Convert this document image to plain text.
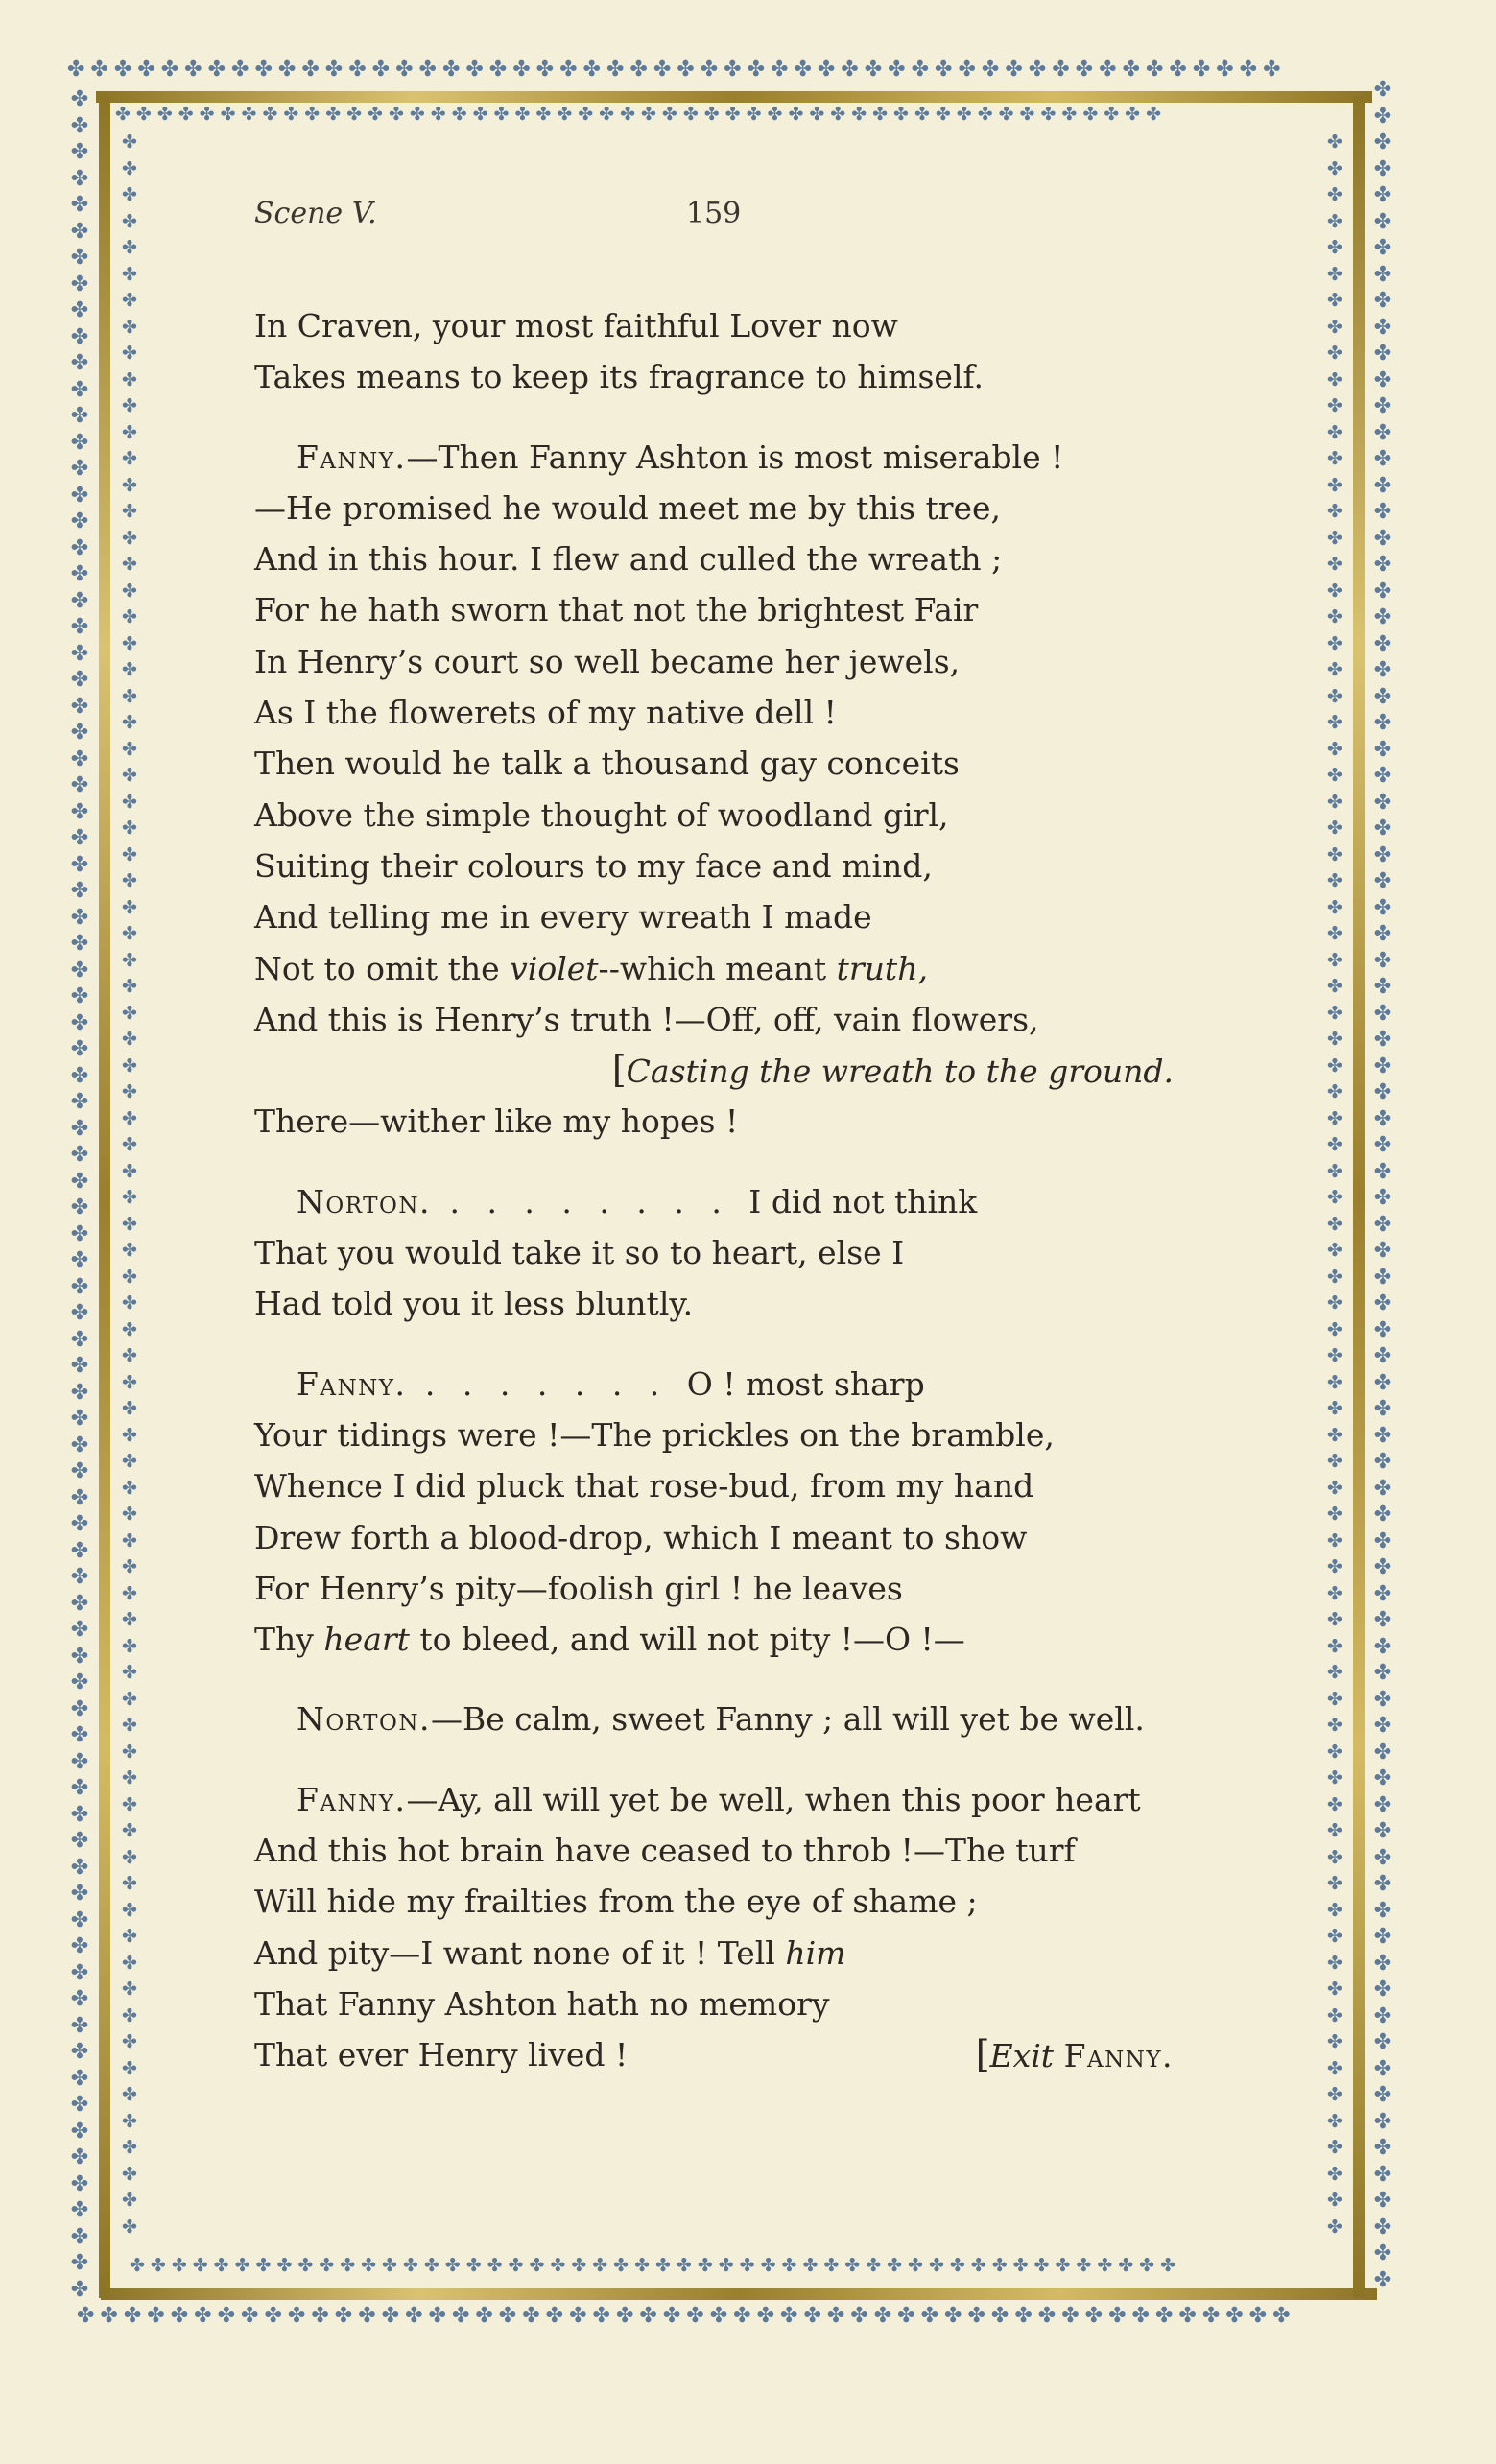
✤✤✤✤✤✤✤✤✤✤✤✤✤✤✤✤✤✤✤✤✤✤✤✤✤✤✤✤✤✤✤✤✤✤✤✤✤✤✤✤✤✤✤✤✤✤✤✤✤✤✤✤
✤✤✤✤✤✤✤✤✤✤✤✤✤✤✤✤✤✤✤✤✤✤✤✤✤✤✤✤✤✤✤✤✤✤✤✤✤✤✤✤✤✤✤✤✤✤✤✤✤✤
✤✤✤✤✤✤✤✤✤✤✤✤✤✤✤✤✤✤✤✤✤✤✤✤✤✤✤✤✤✤✤✤✤✤✤✤✤✤✤✤✤✤✤✤✤✤✤✤✤✤
✤✤✤✤✤✤✤✤✤✤✤✤✤✤✤✤✤✤✤✤✤✤✤✤✤✤✤✤✤✤✤✤✤✤✤✤✤✤✤✤✤✤✤✤✤✤✤✤✤✤✤✤
✤✤✤✤✤✤✤✤✤✤✤✤✤✤✤✤✤✤✤✤✤✤✤✤✤✤✤✤✤✤✤✤✤✤✤✤✤✤✤✤✤✤✤✤✤✤✤✤✤✤✤✤✤✤✤✤✤✤✤✤✤✤✤✤✤✤✤✤✤✤✤✤✤✤✤✤✤✤✤✤✤✤✤✤
✤✤✤✤✤✤✤✤✤✤✤✤✤✤✤✤✤✤✤✤✤✤✤✤✤✤✤✤✤✤✤✤✤✤✤✤✤✤✤✤✤✤✤✤✤✤✤✤✤✤✤✤✤✤✤✤✤✤✤✤✤✤✤✤✤✤✤✤✤✤✤✤✤✤✤✤✤✤✤✤
✤✤✤✤✤✤✤✤✤✤✤✤✤✤✤✤✤✤✤✤✤✤✤✤✤✤✤✤✤✤✤✤✤✤✤✤✤✤✤✤✤✤✤✤✤✤✤✤✤✤✤✤✤✤✤✤✤✤✤✤✤✤✤✤✤✤✤✤✤✤✤✤✤✤✤✤✤✤✤✤
✤✤✤✤✤✤✤✤✤✤✤✤✤✤✤✤✤✤✤✤✤✤✤✤✤✤✤✤✤✤✤✤✤✤✤✤✤✤✤✤✤✤✤✤✤✤✤✤✤✤✤✤✤✤✤✤✤✤✤✤✤✤✤✤✤✤✤✤✤✤✤✤✤✤✤✤✤✤✤✤✤✤✤✤
Scene V.	159
In Craven, your most faithful Lover now
Takes means to keep its fragrance to himself.
Fanny.—Then Fanny Ashton is most miserable !
—He promised he would meet me by this tree,
And in this hour. I flew and culled the wreath ;
For he hath sworn that not the brightest Fair
In Henry’s court so well became her jewels,
As I the flowerets of my native dell !
Then would he talk a thousand gay conceits
Above the simple thought of woodland girl,
Suiting their colours to my face and mind,
And telling me in every wreath I made
Not to omit the violet--which meant truth,
And this is Henry’s truth !—Off, off, vain flowers,
[Casting the wreath to the ground.
There—wither like my hopes !
Norton. . . . . . . . . I did not think
That you would take it so to heart, else I
Had told you it less bluntly.
Fanny. . . . . . . . O ! most sharp
Your tidings were !—The prickles on the bramble,
Whence I did pluck that rose-bud, from my hand
Drew forth a blood-drop, which I meant to show
For Henry’s pity—foolish girl ! he leaves
Thy heart to bleed, and will not pity !—O !—
Norton.—Be calm, sweet Fanny ; all will yet be well.
Fanny.—Ay, all will yet be well, when this poor heart
And this hot brain have ceased to throb !—The turf
Will hide my frailties from the eye of shame ;
And pity—I want none of it ! Tell him
That Fanny Ashton hath no memory
That ever Henry lived !	[Exit Fanny.
